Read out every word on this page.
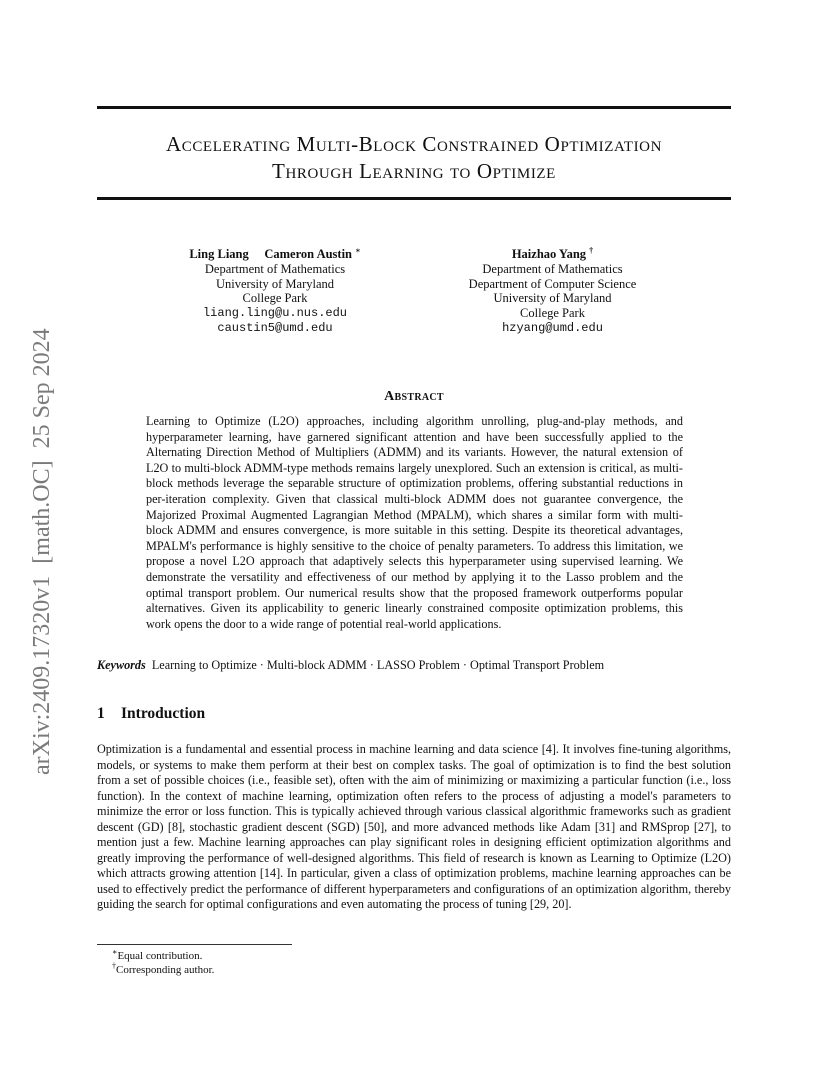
arXiv:2409.17320v1  [math.OC]  25 Sep 2024
Accelerating Multi-Block Constrained Optimization
Through Learning to Optimize
Ling Liang     Cameron Austin ∗
Department of Mathematics
University of Maryland
College Park
liang.ling@u.nus.edu
caustin5@umd.edu
Haizhao Yang †
Department of Mathematics
Department of Computer Science
University of Maryland
College Park
hzyang@umd.edu
Abstract
Learning to Optimize (L2O) approaches, including algorithm unrolling, plug-and-play methods, and hyperparameter learning, have garnered significant attention and have been successfully applied to the Alternating Direction Method of Multipliers (ADMM) and its variants. However, the natural extension of L2O to multi-block ADMM-type methods remains largely unexplored. Such an extension is critical, as multi-block methods leverage the separable structure of optimization problems, offering substantial reductions in per-iteration complexity. Given that classical multi-block ADMM does not guarantee convergence, the Majorized Proximal Augmented Lagrangian Method (MPALM), which shares a similar form with multi-block ADMM and ensures convergence, is more suitable in this setting. Despite its theoretical advantages, MPALM's performance is highly sensitive to the choice of penalty parameters. To address this limitation, we propose a novel L2O approach that adaptively selects this hyperparameter using supervised learning. We demonstrate the versatility and effectiveness of our method by applying it to the Lasso problem and the optimal transport problem. Our numerical results show that the proposed framework outperforms popular alternatives. Given its applicability to generic linearly constrained composite optimization problems, this work opens the door to a wide range of potential real-world applications.
Keywords Learning to Optimize · Multi-block ADMM · LASSO Problem · Optimal Transport Problem
1 Introduction
Optimization is a fundamental and essential process in machine learning and data science [4]. It involves fine-tuning algorithms, models, or systems to make them perform at their best on complex tasks. The goal of optimization is to find the best solution from a set of possible choices (i.e., feasible set), often with the aim of minimizing or maximizing a particular function (i.e., loss function). In the context of machine learning, optimization often refers to the process of adjusting a model's parameters to minimize the error or loss function. This is typically achieved through various classical algorithmic frameworks such as gradient descent (GD) [8], stochastic gradient descent (SGD) [50], and more advanced methods like Adam [31] and RMSprop [27], to mention just a few. Machine learning approaches can play significant roles in designing efficient optimization algorithms and greatly improving the performance of well-designed algorithms. This field of research is known as Learning to Optimize (L2O) which attracts growing attention [14]. In particular, given a class of optimization problems, machine learning approaches can be used to effectively predict the performance of different hyperparameters and configurations of an optimization algorithm, thereby guiding the search for optimal configurations and even automating the process of tuning [29, 20].
∗Equal contribution.
†Corresponding author.
